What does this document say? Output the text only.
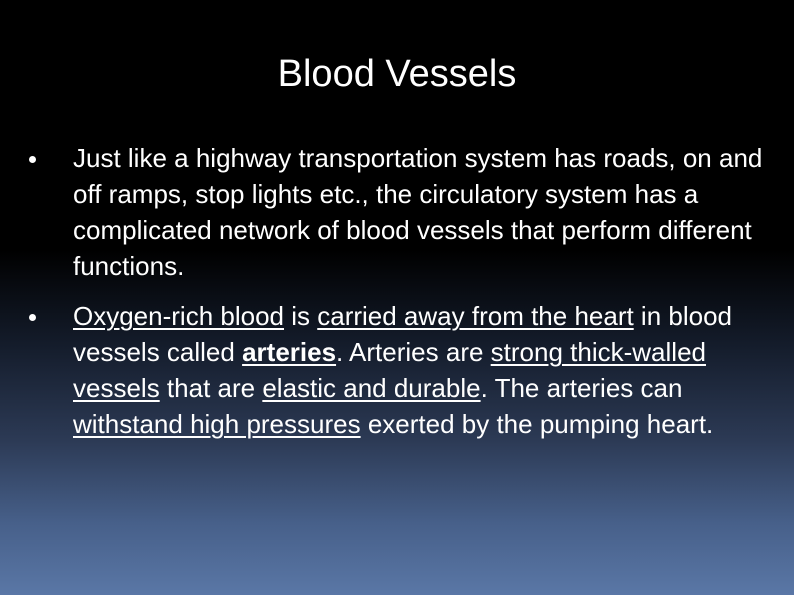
Blood Vessels
Just like a highway transportation system has roads, on and off ramps, stop lights etc., the circulatory system has a complicated network of blood vessels that perform different functions.
Oxygen-rich blood is carried away from the heart in blood vessels called arteries. Arteries are strong thick-walled vessels that are elastic and durable. The arteries can withstand high pressures exerted by the pumping heart.
